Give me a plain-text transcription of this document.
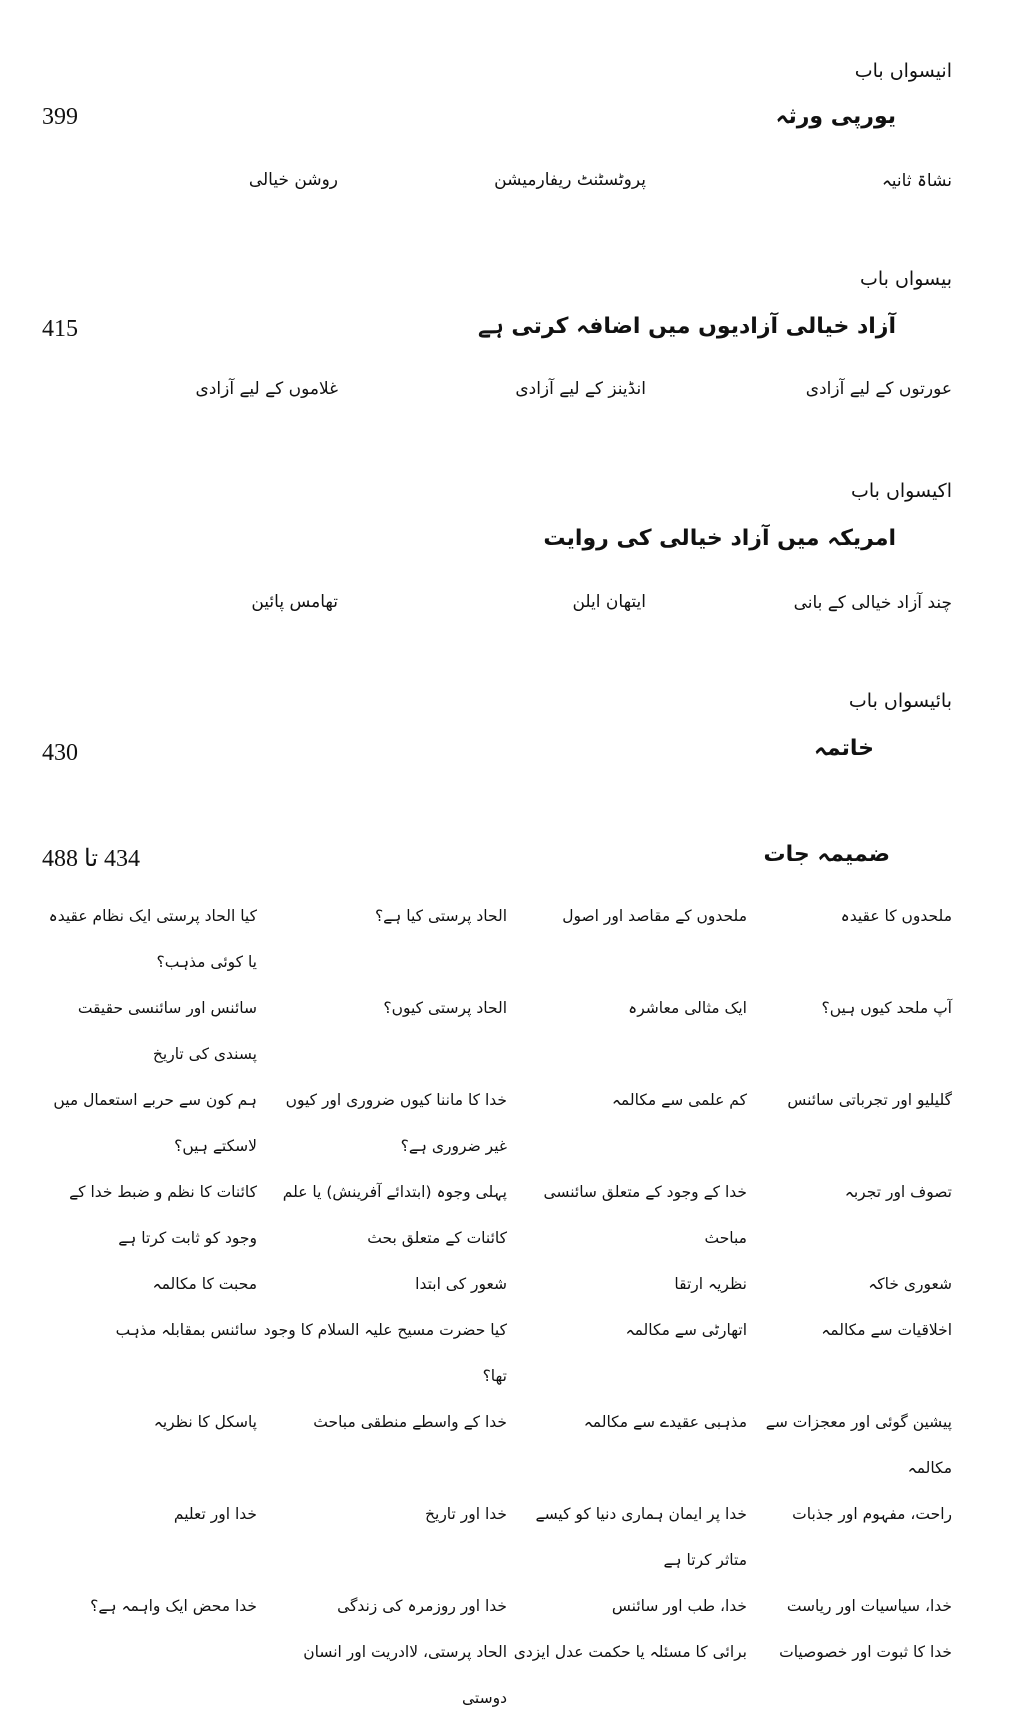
انیسواں باب
یورپی ورثہ
399
نشاۃ ثانیہ
پروٹسٹنٹ ریفارمیشن
روشن خیالی
بیسواں باب
آزاد خیالی آزادیوں میں اضافہ کرتی ہے
415
عورتوں کے لیے آزادی
انڈینز کے لیے آزادی
غلاموں کے لیے آزادی
اکیسواں باب
امریکہ میں آزاد خیالی کی روایت
چند آزاد خیالی کے بانی
ایتھان ایلن
تھامس پائین
بائیسواں باب
خاتمہ
430
ضمیمہ جات
434 تا 488
ملحدوں کا عقیدہ
ملحدوں کے مقاصد اور اصول
الحاد پرستی کیا ہے؟
کیا الحاد پرستی ایک نظام عقیدہ یا کوئی مذہب؟
آپ ملحد کیوں ہیں؟
ایک مثالی معاشرہ
الحاد پرستی کیوں؟
سائنس اور سائنسی حقیقت پسندی کی تاریخ
گلیلیو اور تجرباتی سائنس
کم علمی سے مکالمہ
خدا کا ماننا کیوں ضروری اور کیوں غیر ضروری ہے؟
ہم کون سے حربے استعمال میں لاسکتے ہیں؟
تصوف اور تجربہ
خدا کے وجود کے متعلق سائنسی مباحث
پہلی وجوہ (ابتدائے آفرینش) یا علم کائنات کے متعلق بحث
کائنات کا نظم و ضبط خدا کے وجود کو ثابت کرتا ہے
شعوری خاکہ
نظریہ ارتقا
شعور کی ابتدا
محبت کا مکالمہ
اخلاقیات سے مکالمہ
اتھارٹی سے مکالمہ
کیا حضرت مسیح علیہ السلام کا وجود تھا؟
سائنس بمقابلہ مذہب
پیشین گوئی اور معجزات سے مکالمہ
مذہبی عقیدے سے مکالمہ
خدا کے واسطے منطقی مباحث
پاسکل کا نظریہ
راحت، مفہوم اور جذبات
خدا پر ایمان ہماری دنیا کو کیسے متاثر کرتا ہے
خدا اور تاریخ
خدا اور تعلیم
خدا، سیاسیات اور ریاست
خدا، طب اور سائنس
خدا اور روزمرہ کی زندگی
خدا محض ایک واہمہ ہے؟
خدا کا ثبوت اور خصوصیات
برائی کا مسئلہ یا حکمت عدل ایزدی
الحاد پرستی، لاادریت اور انسان دوستی
